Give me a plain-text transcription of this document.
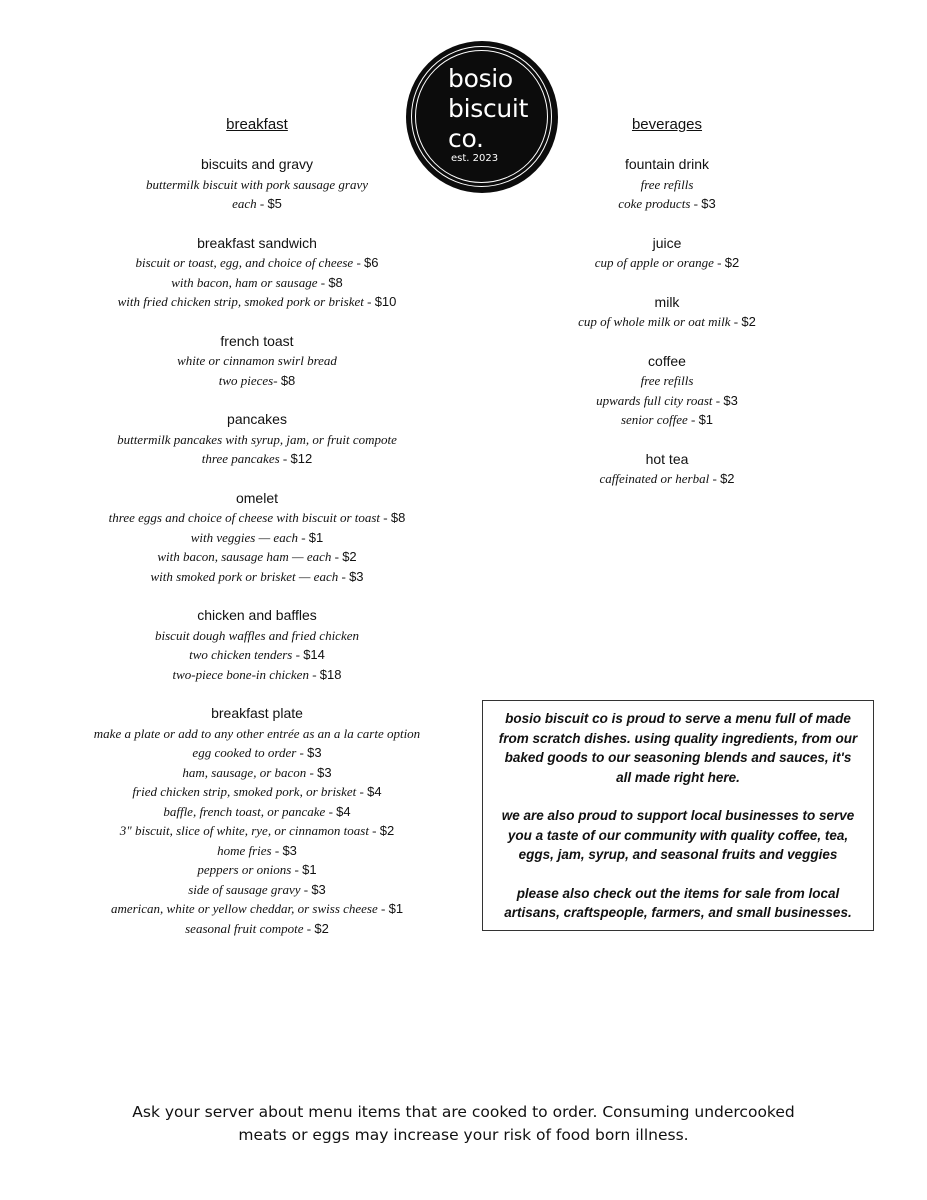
bosio
biscuit
co.
est. 2023
breakfast
biscuits and gravy
buttermilk biscuit with pork sausage gravy
each - $5
breakfast sandwich
biscuit or toast, egg, and choice of cheese - $6
with bacon, ham or sausage - $8
with fried chicken strip, smoked pork or brisket - $10
french toast
white or cinnamon swirl bread
two pieces- $8
pancakes
buttermilk pancakes with syrup, jam, or fruit compote
three pancakes - $12
omelet
three eggs and choice of cheese with biscuit or toast - $8
with veggies — each - $1
with bacon, sausage ham — each - $2
with smoked pork or brisket — each - $3
chicken and baffles
biscuit dough waffles and fried chicken
two chicken tenders - $14
two-piece bone-in chicken - $18
breakfast plate
make a plate or add to any other entrée as an a la carte option
egg cooked to order - $3
ham, sausage, or bacon - $3
fried chicken strip, smoked pork, or brisket - $4
baffle, french toast, or pancake - $4
3" biscuit, slice of white, rye, or cinnamon toast - $2
home fries - $3
peppers or onions - $1
side of sausage gravy - $3
american, white or yellow cheddar, or swiss cheese - $1
seasonal fruit compote - $2
beverages
fountain drink
free refills
coke products - $3
juice
cup of apple or orange - $2
milk
cup of whole milk or oat milk - $2
coffee
free refills
upwards full city roast - $3
senior coffee - $1
hot tea
caffeinated or herbal - $2

bosio biscuit co is proud to serve a menu full of made from scratch dishes. using quality ingredients, from our baked goods to our seasoning blends and sauces, it's all made right here.

we are also proud to support local businesses to serve you a taste of our community with quality coffee, tea, eggs, jam, syrup, and seasonal fruits and veggies

please also check out the items for sale from local artisans, craftspeople, farmers, and small businesses.

Ask your server about menu items that are cooked to order. Consuming undercooked
meats or eggs may increase your risk of food born illness.
